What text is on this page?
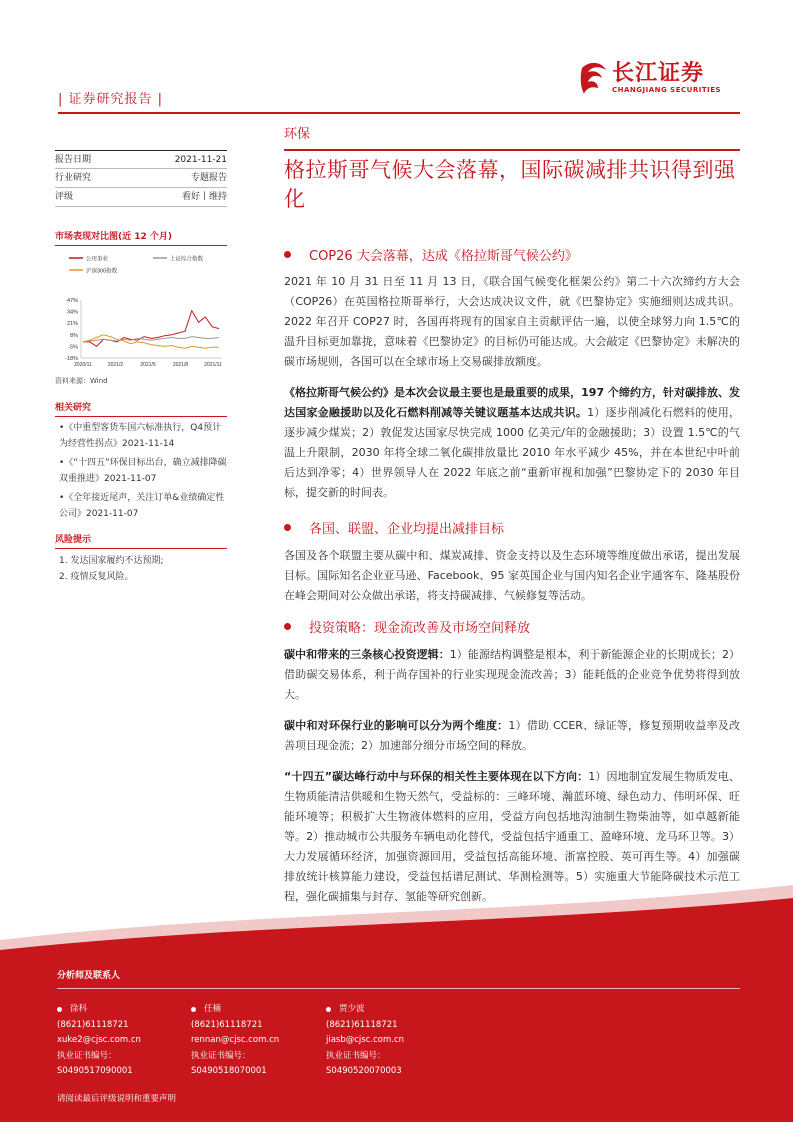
| 证券研究报告 |
长江证券
CHANGJIANG SECURITIES
报告日期	2021-11-21
行业研究	专题报告
评级	看好丨维持
市场表现对比图(近 12 个月)
公用事业	上证综合指数
沪深300指数
47%
34%
21%
8%
-5%
-18%
2020/11	2021/2	2021/5	2021/8	2021/11
资料来源：Wind
相关研究
•《中重型客货车国六标准执行，Q4预计为经营性拐点》2021-11-14
•《“十四五”环保目标出台，确立减排降碳双重推进》2021-11-07
•《全年接近尾声，关注订单&业绩确定性公司》2021-11-07
风险提示
1. 发达国家履约不达预期;
2. 疫情反复风险。
环保
格拉斯哥气候大会落幕，国际碳减排共识得到强化
COP26 大会落幕，达成《格拉斯哥气候公约》
2021 年 10 月 31 日至 11 月 13 日，《联合国气候变化框架公约》第二十六次缔约方大会（COP26）在英国格拉斯哥举行，大会达成决议文件，就《巴黎协定》实施细则达成共识。2022 年召开 COP27 时，各国再将现有的国家自主贡献评估一遍，以使全球努力向 1.5℃的温升目标更加靠拢，意味着《巴黎协定》的目标仍可能达成。大会敲定《巴黎协定》未解决的碳市场规则，各国可以在全球市场上交易碳排放额度。
《格拉斯哥气候公约》是本次会议最主要也是最重要的成果，197 个缔约方，针对碳排放、发达国家金融援助以及化石燃料削减等关键议题基本达成共识。1）逐步削减化石燃料的使用，逐步减少煤炭；2）敦促发达国家尽快完成 1000 亿美元/年的金融援助；3）设置 1.5℃的气温上升限制，2030 年将全球二氧化碳排放量比 2010 年水平减少 45%，并在本世纪中叶前后达到净零；4）世界领导人在 2022 年底之前“重新审视和加强”巴黎协定下的 2030 年目标，提交新的时间表。
各国、联盟、企业均提出减排目标
各国及各个联盟主要从碳中和、煤炭减排、资金支持以及生态环境等维度做出承诺，提出发展目标。国际知名企业亚马逊、Facebook、95 家英国企业与国内知名企业宇通客车、隆基股份在峰会期间对公众做出承诺，将支持碳减排、气候修复等活动。
投资策略：现金流改善及市场空间释放
碳中和带来的三条核心投资逻辑：1）能源结构调整是根本，利于新能源企业的长期成长；2）借助碳交易体系，利于尚存国补的行业实现现金流改善；3）能耗低的企业竞争优势将得到放大。
碳中和对环保行业的影响可以分为两个维度：1）借助 CCER、绿证等，修复预期收益率及改善项目现金流；2）加速部分细分市场空间的释放。
“十四五”碳达峰行动中与环保的相关性主要体现在以下方向：1）因地制宜发展生物质发电、生物质能清洁供暖和生物天然气，受益标的：三峰环境、瀚蓝环境、绿色动力、伟明环保、旺能环境等；积极扩大生物液体燃料的应用，受益方向包括地沟油制生物柴油等，如卓越新能等。2）推动城市公共服务车辆电动化替代，受益包括宇通重工、盈峰环境、龙马环卫等。3）大力发展循环经济，加强资源回用，受益包括高能环境、浙富控股、英可再生等。4）加强碳排放统计核算能力建设，受益包括谱尼测试、华测检测等。5）实施重大节能降碳技术示范工程，强化碳捕集与封存、氢能等研究创新。
分析师及联系人
徐科
(8621)61118721
xuke2@cjsc.com.cn
执业证书编号：
S0490517090001
任楠
(8621)61118721
rennan@cjsc.com.cn
执业证书编号：
S0490518070001
贾少波
(8621)61118721
jiasb@cjsc.com.cn
执业证书编号：
S0490520070003
请阅读最后评级说明和重要声明
